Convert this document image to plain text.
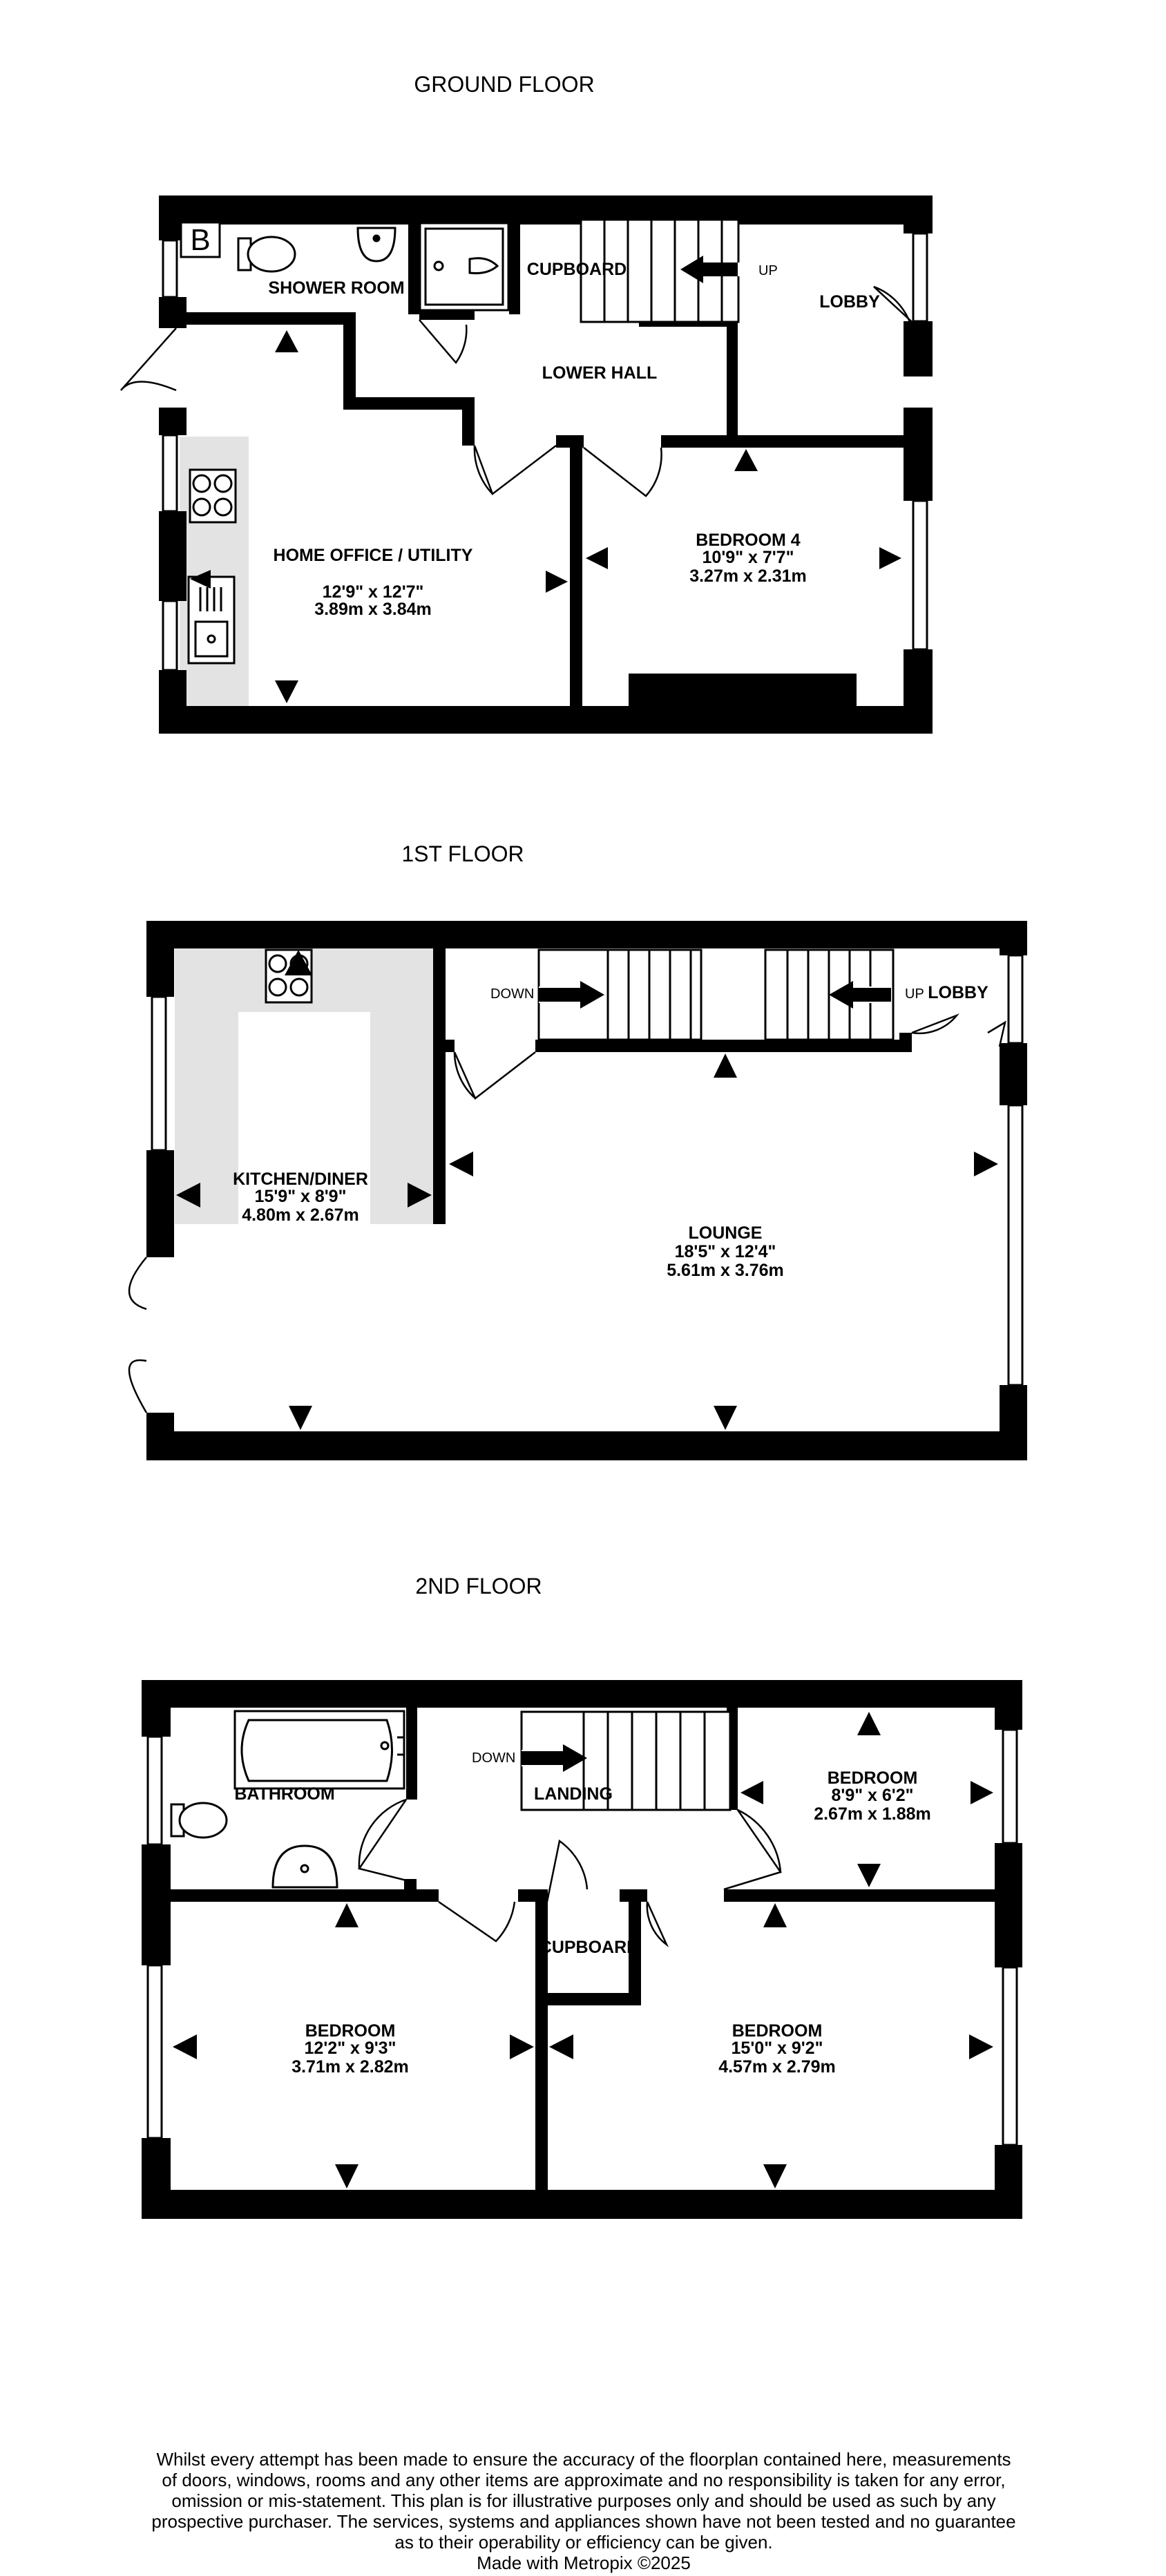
GROUND FLOOR
UP
B
SHOWER ROOM
CUPBOARD
LOBBY
LOWER HALL
HOME OFFICE / UTILITY
12'9" x 12'7"
3.89m x 3.84m
BEDROOM 4
10'9" x 7'7"
3.27m x 2.31m
1ST FLOOR
DOWN	UP
KITCHEN/DINER
15'9" x 8'9"
4.80m x 2.67m
LOUNGE
18'5" x 12'4"
5.61m x 3.76m
LOBBY
2ND FLOOR
DOWN
BATHROOM	LANDING
CUPBOARD
BEDROOM
8'9" x 6'2"
2.67m x 1.88m
BEDROOM
12'2" x 9'3"
3.71m x 2.82m
BEDROOM
15'0" x 9'2"
4.57m x 2.79m
Whilst every attempt has been made to ensure the accuracy of the floorplan contained here, measurements
of doors, windows, rooms and any other items are approximate and no responsibility is taken for any error,
omission or mis-statement. This plan is for illustrative purposes only and should be used as such by any
prospective purchaser. The services, systems and appliances shown have not been tested and no guarantee
as to their operability or efficiency can be given.
Made with Metropix ©2025
